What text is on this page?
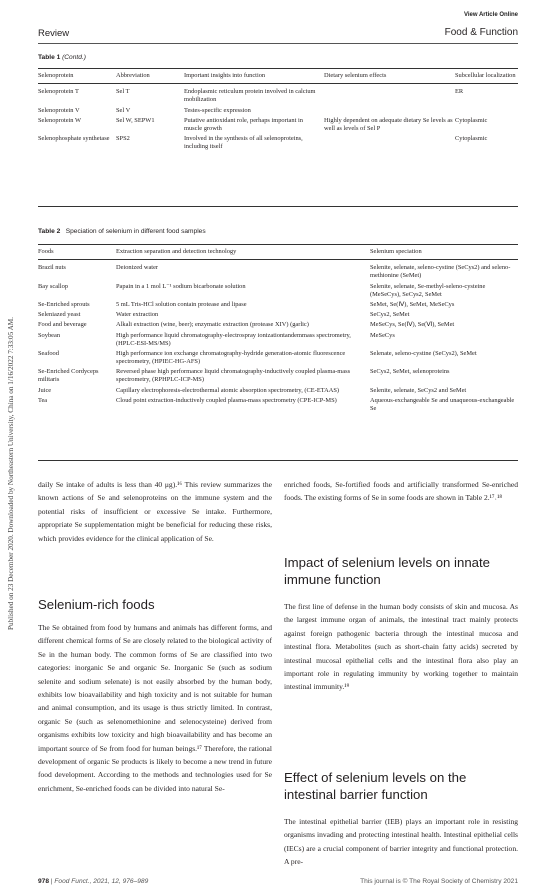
Published on 23 December 2020. Downloaded by Northeastern University, China on 1/16/2022 7:33:05 AM.
View Article Online
Review	Food & Function
Table 1 (Contd.)
Selenoprotein	Abbreviation	Important insights into function	Dietary selenium effects	Subcellular localization

Selenoprotein T	Sel T	Endoplasmic reticulum protein involved in calcium mobilization		ER
Selenoprotein V	Sel V	Testes-specific expression		
Selenoprotein W	Sel W, SEPW1	Putative antioxidant role, perhaps important in muscle growth	Highly dependent on adequate dietary Se levels as well as levels of Sel P	Cytoplasmic
Selenophosphate synthetase	SPS2	Involved in the synthesis of all selenoproteins, including itself		Cytoplasmic
Table 2 Speciation of selenium in different food samples
Foods	Extraction separation and detection technology	Selenium speciation

Brazil nuts	Deionized water	Selenite, selenate, seleno-cystine (SeCys2) and seleno-methionine (SeMet)
Bay scallop	Papain in a 1 mol L⁻¹ sodium bicarbonate solution	Selenite, selenate, Se-methyl-seleno-cysteine (MeSeCys), SeCys2, SeMet
Se-Enriched sprouts	5 mL Tris-HCl solution contain protease and lipase	SeMet, Se(Ⅳ), SeMet, MeSeCys
Seleniazed yeast	Water extraction	SeCys2, SeMet
Food and beverage	Alkali extraction (wine, beer); enzymatic extraction (protease XIV) (garlic)	MeSeCys, Se(Ⅳ), Se(Ⅵ), SeMet
Soybean	High performance liquid chromatography-electrospray ionizationtandemmass spectrometry, (HPLC-ESI-MS/MS)	MeSeCys
Seafood	High performance ion exchange chromatography-hydride generation-atomic fluorescence spectrometry, (HPIEC-HG-AFS)	Selenate, seleno-cystine (SeCys2), SeMet
Se-Enriched Cordyceps militaris	Reversed phase high performance liquid chromatography-inductively coupled plasma-mass spectrometry, (RPHPLC-ICP-MS)	SeCys2, SeMet, selenoproteins
Juice	Capillary electrophoresis-electrothermal atomic absorption spectrometry, (CE-ETAAS)	Selenite, selenate, SeCys2 and SeMet
Tea	Cloud point extraction-inductively coupled plasma-mass spectrometry (CPE-ICP-MS)	Aqueous-exchangeable Se and unaqueous-exchangeable Se

daily Se intake of adults is less than 40 μg).¹⁶ This review summarizes the known actions of Se and selenoproteins on the immune system and the potential risks of insufficient or excessive Se intake. Furthermore, appropriate Se supplementation might be beneficial for reducing these risks, which provides evidence for the clinical application of Se.

Selenium-rich foods

The Se obtained from food by humans and animals has different forms, and different chemical forms of Se are closely related to the biological activity of Se in the human body. The common forms of Se are classified into two categories: inorganic Se and organic Se. Inorganic Se (such as sodium selenite and sodium selenate) is not easily absorbed by the human body, exhibits low bioavailability and high toxicity and is not suitable for human and animal consumption, and its usage is thus strictly limited. In contrast, organic Se (such as selenomethionine and selenocysteine) derived from organisms exhibits low toxicity and high bioavailability and has become an important source of Se from food for human beings.¹⁷ Therefore, the rational development of organic Se products is likely to become a new trend in future food development. According to the methods and technologies used for Se enrichment, Se-enriched foods can be divided into natural Se-

enriched foods, Se-fortified foods and artificially transformed Se-enriched foods. The existing forms of Se in some foods are shown in Table 2.¹⁷˒¹⁸

Impact of selenium levels on innate immune function

The first line of defense in the human body consists of skin and mucosa. As the largest immune organ of animals, the intestinal tract mainly protects against foreign pathogenic bacteria through the intestinal mucosa and intestinal flora. Metabolites (such as short-chain fatty acids) secreted by intestinal mucosal epithelial cells and the intestinal flora also play an important role in regulating immunity by working together to maintain intestinal immunity.¹⁹

Effect of selenium levels on the intestinal barrier function

The intestinal epithelial barrier (IEB) plays an important role in resisting organisms invading and protecting intestinal health. Intestinal epithelial cells (IECs) are a crucial component of barrier integrity and functional protection. A pre-

978 | Food Funct., 2021, 12, 976–989	This journal is © The Royal Society of Chemistry 2021
